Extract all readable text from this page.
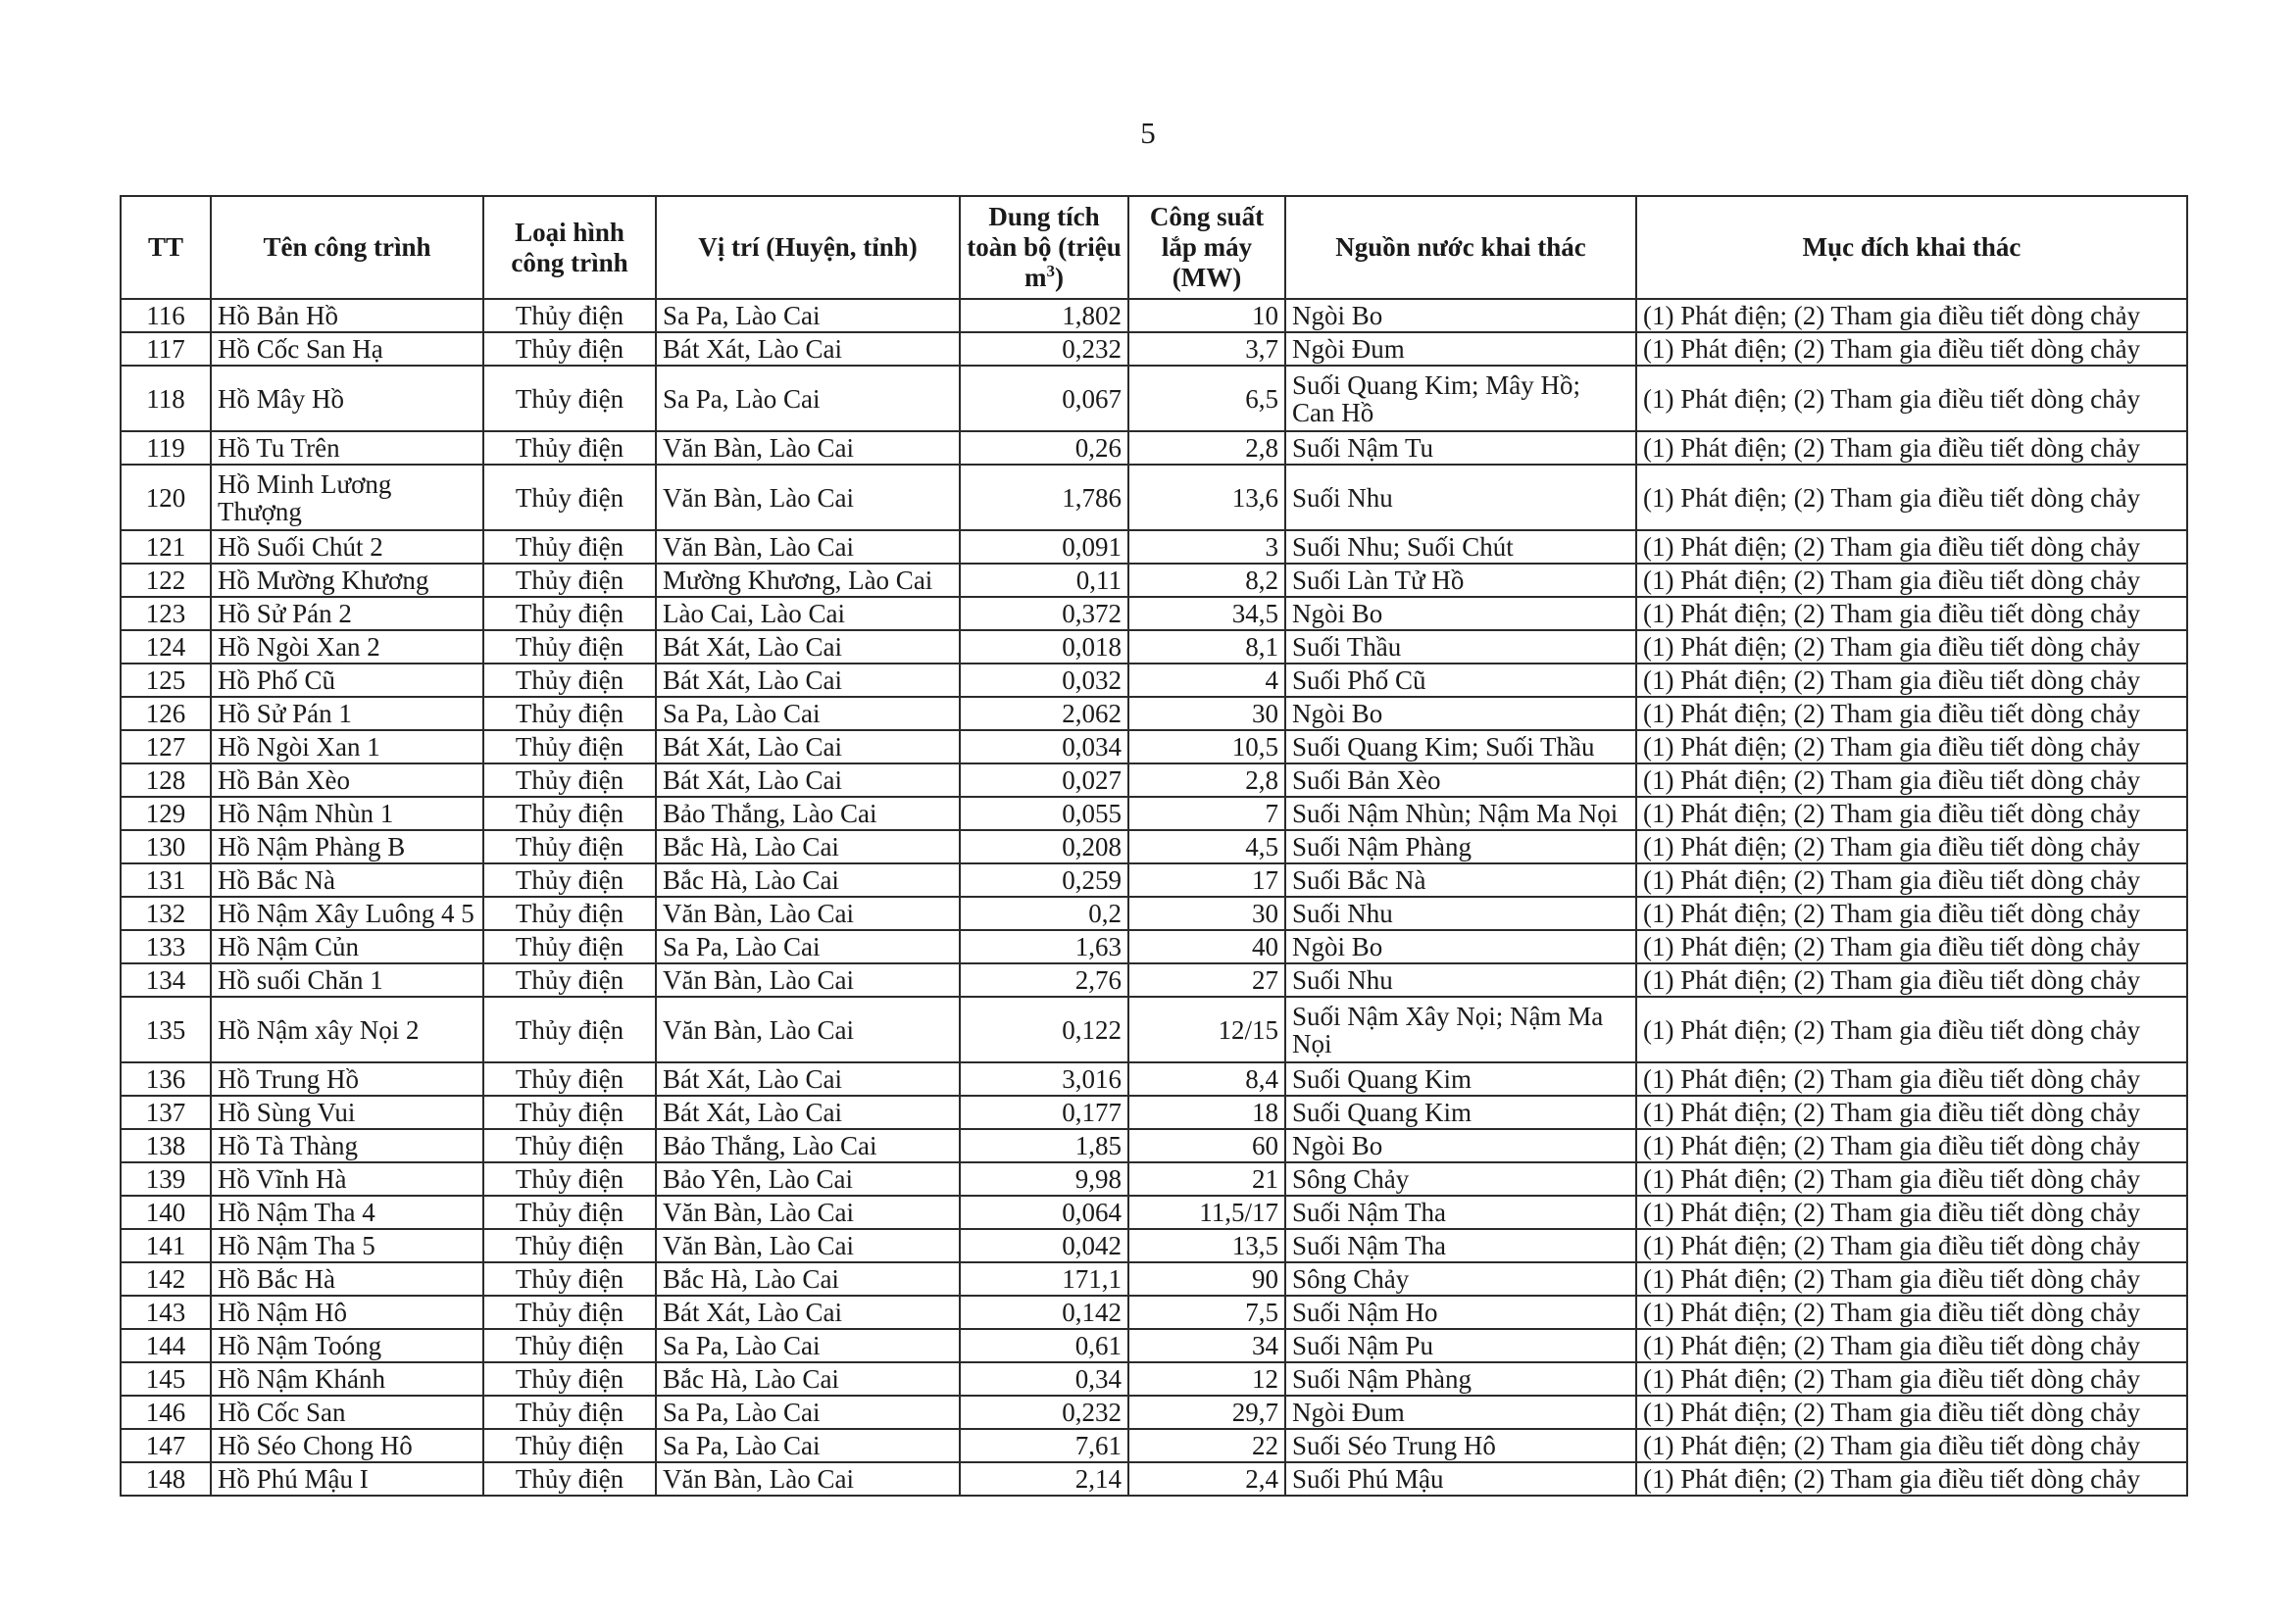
5
TT	Tên công trình	Loại hình công trình	Vị trí (Huyện, tỉnh)	Dung tích toàn bộ (triệu $m^3$)	Công suất lắp máy (MW)	Nguồn nước khai thác	Mục đích khai thác
116	Hồ Bản Hồ	Thủy điện	Sa Pa, Lào Cai	1,802	10	Ngòi Bo	(1) Phát điện; (2) Tham gia điều tiết dòng chảy
117	Hồ Cốc San Hạ	Thủy điện	Bát Xát, Lào Cai	0,232	3,7	Ngòi Đum	(1) Phát điện; (2) Tham gia điều tiết dòng chảy
118	Hồ Mây Hồ	Thủy điện	Sa Pa, Lào Cai	0,067	6,5	Suối Quang Kim; Mây Hồ; Can Hồ	(1) Phát điện; (2) Tham gia điều tiết dòng chảy
119	Hồ Tu Trên	Thủy điện	Văn Bàn, Lào Cai	0,26	2,8	Suối Nậm Tu	(1) Phát điện; (2) Tham gia điều tiết dòng chảy
120	Hồ Minh Lương Thượng	Thủy điện	Văn Bàn, Lào Cai	1,786	13,6	Suối Nhu	(1) Phát điện; (2) Tham gia điều tiết dòng chảy
121	Hồ Suối Chút 2	Thủy điện	Văn Bàn, Lào Cai	0,091	3	Suối Nhu; Suối Chút	(1) Phát điện; (2) Tham gia điều tiết dòng chảy
122	Hồ Mường Khương	Thủy điện	Mường Khương, Lào Cai	0,11	8,2	Suối Làn Tử Hồ	(1) Phát điện; (2) Tham gia điều tiết dòng chảy
123	Hồ Sử Pán 2	Thủy điện	Lào Cai, Lào Cai	0,372	34,5	Ngòi Bo	(1) Phát điện; (2) Tham gia điều tiết dòng chảy
124	Hồ Ngòi Xan 2	Thủy điện	Bát Xát, Lào Cai	0,018	8,1	Suối Thầu	(1) Phát điện; (2) Tham gia điều tiết dòng chảy
125	Hồ Phố Cũ	Thủy điện	Bát Xát, Lào Cai	0,032	4	Suối Phố Cũ	(1) Phát điện; (2) Tham gia điều tiết dòng chảy
126	Hồ Sử Pán 1	Thủy điện	Sa Pa, Lào Cai	2,062	30	Ngòi Bo	(1) Phát điện; (2) Tham gia điều tiết dòng chảy
127	Hồ Ngòi Xan 1	Thủy điện	Bát Xát, Lào Cai	0,034	10,5	Suối Quang Kim; Suối Thầu	(1) Phát điện; (2) Tham gia điều tiết dòng chảy
128	Hồ Bản Xèo	Thủy điện	Bát Xát, Lào Cai	0,027	2,8	Suối Bản Xèo	(1) Phát điện; (2) Tham gia điều tiết dòng chảy
129	Hồ Nậm Nhùn 1	Thủy điện	Bảo Thắng, Lào Cai	0,055	7	Suối Nậm Nhùn; Nậm Ma Nọi	(1) Phát điện; (2) Tham gia điều tiết dòng chảy
130	Hồ Nậm Phàng B	Thủy điện	Bắc Hà, Lào Cai	0,208	4,5	Suối Nậm Phàng	(1) Phát điện; (2) Tham gia điều tiết dòng chảy
131	Hồ Bắc Nà	Thủy điện	Bắc Hà, Lào Cai	0,259	17	Suối Bắc Nà	(1) Phát điện; (2) Tham gia điều tiết dòng chảy
132	Hồ Nậm Xây Luông 4 5	Thủy điện	Văn Bàn, Lào Cai	0,2	30	Suối Nhu	(1) Phát điện; (2) Tham gia điều tiết dòng chảy
133	Hồ Nậm Củn	Thủy điện	Sa Pa, Lào Cai	1,63	40	Ngòi Bo	(1) Phát điện; (2) Tham gia điều tiết dòng chảy
134	Hồ suối Chăn 1	Thủy điện	Văn Bàn, Lào Cai	2,76	27	Suối Nhu	(1) Phát điện; (2) Tham gia điều tiết dòng chảy
135	Hồ Nậm xây Nọi 2	Thủy điện	Văn Bàn, Lào Cai	0,122	12/15	Suối Nậm Xây Nọi; Nậm Ma Nọi	(1) Phát điện; (2) Tham gia điều tiết dòng chảy
136	Hồ Trung Hồ	Thủy điện	Bát Xát, Lào Cai	3,016	8,4	Suối Quang Kim	(1) Phát điện; (2) Tham gia điều tiết dòng chảy
137	Hồ Sùng Vui	Thủy điện	Bát Xát, Lào Cai	0,177	18	Suối Quang Kim	(1) Phát điện; (2) Tham gia điều tiết dòng chảy
138	Hồ Tà Thàng	Thủy điện	Bảo Thắng, Lào Cai	1,85	60	Ngòi Bo	(1) Phát điện; (2) Tham gia điều tiết dòng chảy
139	Hồ Vĩnh Hà	Thủy điện	Bảo Yên, Lào Cai	9,98	21	Sông Chảy	(1) Phát điện; (2) Tham gia điều tiết dòng chảy
140	Hồ Nậm Tha 4	Thủy điện	Văn Bàn, Lào Cai	0,064	11,5/17	Suối Nậm Tha	(1) Phát điện; (2) Tham gia điều tiết dòng chảy
141	Hồ Nậm Tha 5	Thủy điện	Văn Bàn, Lào Cai	0,042	13,5	Suối Nậm Tha	(1) Phát điện; (2) Tham gia điều tiết dòng chảy
142	Hồ Bắc Hà	Thủy điện	Bắc Hà, Lào Cai	171,1	90	Sông Chảy	(1) Phát điện; (2) Tham gia điều tiết dòng chảy
143	Hồ Nậm Hô	Thủy điện	Bát Xát, Lào Cai	0,142	7,5	Suối Nậm Ho	(1) Phát điện; (2) Tham gia điều tiết dòng chảy
144	Hồ Nậm Toóng	Thủy điện	Sa Pa, Lào Cai	0,61	34	Suối Nậm Pu	(1) Phát điện; (2) Tham gia điều tiết dòng chảy
145	Hồ Nậm Khánh	Thủy điện	Bắc Hà, Lào Cai	0,34	12	Suối Nậm Phàng	(1) Phát điện; (2) Tham gia điều tiết dòng chảy
146	Hồ Cốc San	Thủy điện	Sa Pa, Lào Cai	0,232	29,7	Ngòi Đum	(1) Phát điện; (2) Tham gia điều tiết dòng chảy
147	Hồ Séo Chong Hô	Thủy điện	Sa Pa, Lào Cai	7,61	22	Suối Séo Trung Hô	(1) Phát điện; (2) Tham gia điều tiết dòng chảy
148	Hồ Phú Mậu I	Thủy điện	Văn Bàn, Lào Cai	2,14	2,4	Suối Phú Mậu	(1) Phát điện; (2) Tham gia điều tiết dòng chảy
